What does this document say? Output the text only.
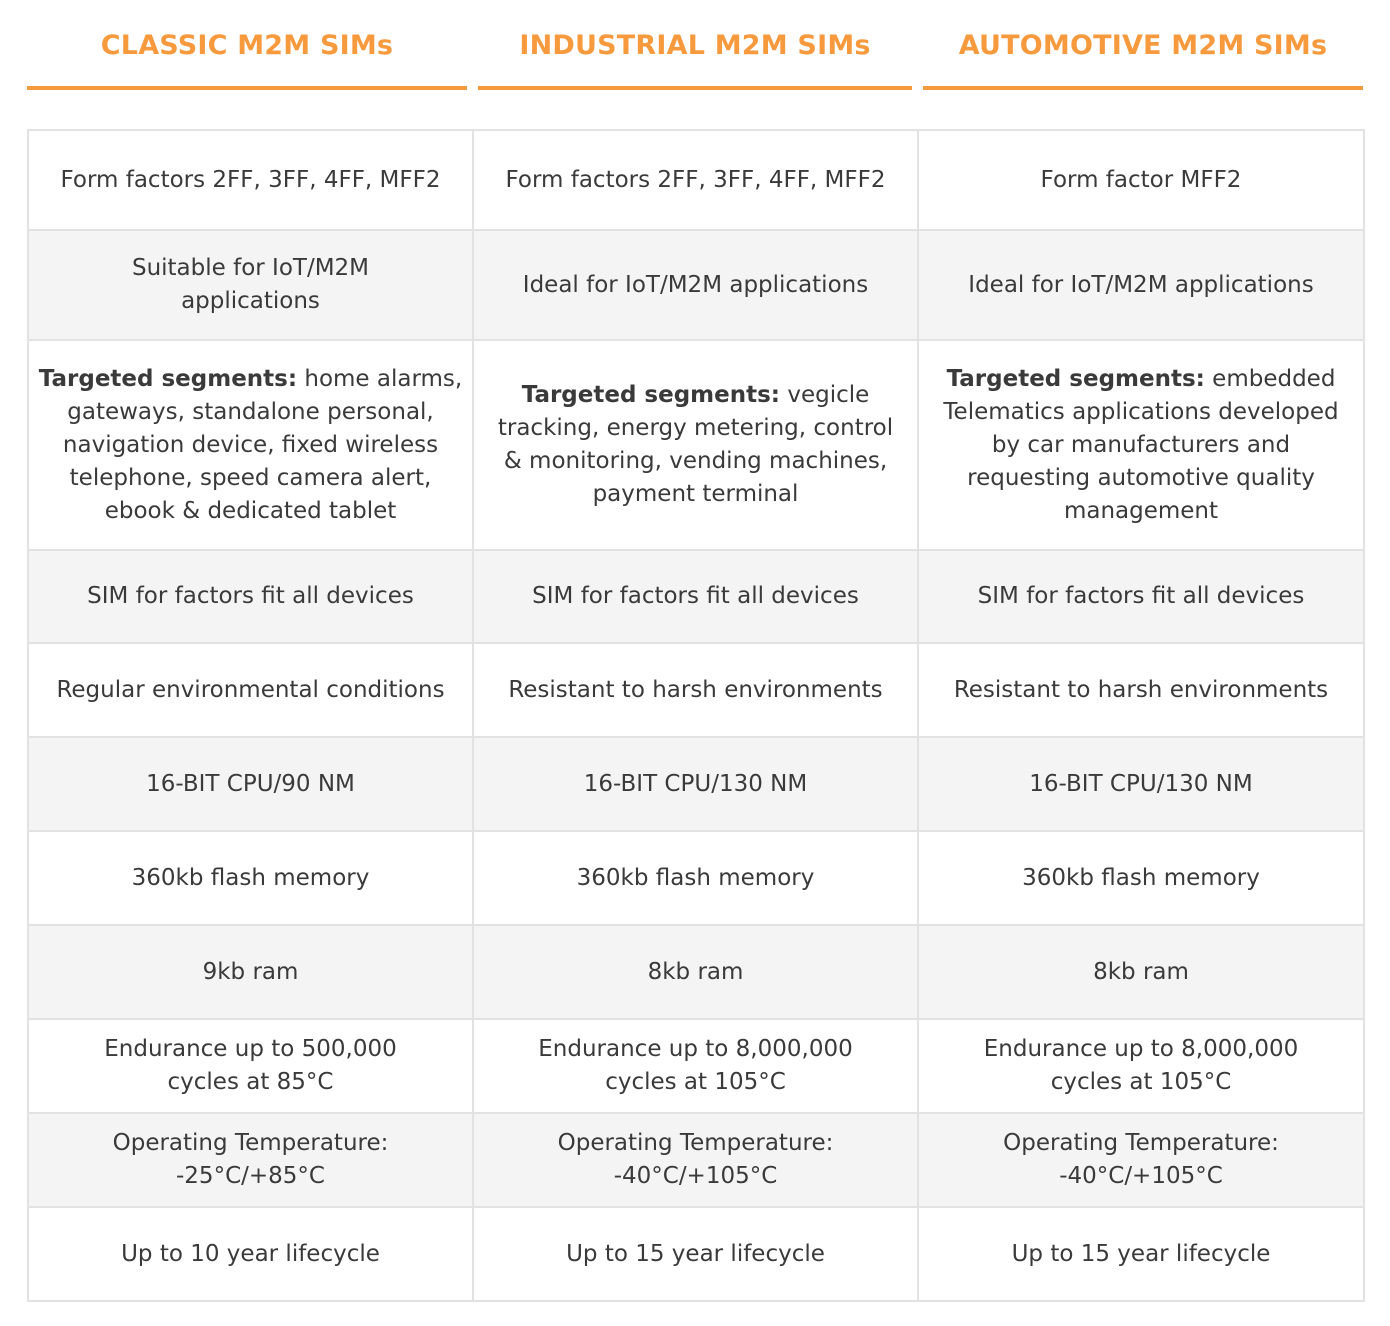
CLASSIC M2M SIMs	INDUSTRIAL M2M SIMs	AUTOMOTIVE M2M SIMs
Form factors 2FF, 3FF, 4FF, MFF2	Form factors 2FF, 3FF, 4FF, MFF2	Form factor MFF2
Suitable for IoT/M2M applications	Ideal for IoT/M2M applications	Ideal for IoT/M2M applications
Targeted segments: home alarms, gateways, standalone personal, navigation device, fixed wireless telephone, speed camera alert, ebook & dedicated tablet	Targeted segments: vegicle tracking, energy metering, control & monitoring, vending machines, payment terminal	Targeted segments: embedded Telematics applications developed by car manufacturers and requesting automotive quality management
SIM for factors fit all devices	SIM for factors fit all devices	SIM for factors fit all devices
Regular environmental conditions	Resistant to harsh environments	Resistant to harsh environments
16-BIT CPU/90 NM	16-BIT CPU/130 NM	16-BIT CPU/130 NM
360kb flash memory	360kb flash memory	360kb flash memory
9kb ram	8kb ram	8kb ram
Endurance up to 500,000 cycles at 85°C	Endurance up to 8,000,000 cycles at 105°C	Endurance up to 8,000,000 cycles at 105°C
Operating Temperature: -25°C/+85°C	Operating Temperature: -40°C/+105°C	Operating Temperature: -40°C/+105°C
Up to 10 year lifecycle	Up to 15 year lifecycle	Up to 15 year lifecycle
